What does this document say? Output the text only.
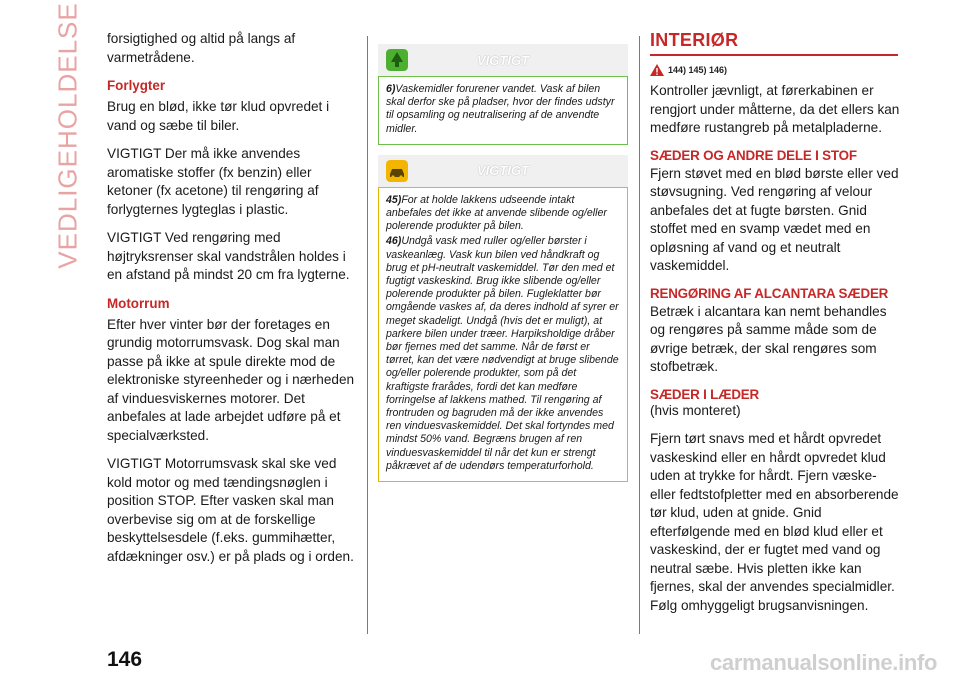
VEDLIGEHOLDELSE forsigtighed og altid på langs af varmetrådene.

Forlygter

Brug en blød, ikke tør klud opvredet i vand og sæbe til biler.

VIGTIGT Der må ikke anvendes aromatiske stoffer (fx benzin) eller ketoner (fx acetone) til rengøring af forlygternes lygteglas i plastic.

VIGTIGT Ved rengøring med højtryksrenser skal vandstrålen holdes i en afstand på mindst 20 cm fra lygterne.

Motorrum

Efter hver vinter bør der foretages en grundig motorrumsvask. Dog skal man passe på ikke at spule direkte mod de elektroniske styreenheder og i nærheden af vinduesviskernes motorer. Det anbefales at lade arbejdet udføre på et specialværksted.

VIGTIGT Motorrumsvask skal ske ved kold motor og med tændingsnøglen i position STOP. Efter vasken skal man overbevise sig om at de forskellige beskyttelsesdele (f.eks. gummihætter, afdækninger osv.) er på plads og i orden.

VIGTIGT

6)Vaskemidler forurener vandet. Vask af bilen skal derfor ske på pladser, hvor der findes udstyr til opsamling og neutralisering af de anvendte midler.

VIGTIGT

45)For at holde lakkens udseende intakt anbefales det ikke at anvende slibende og/eller polerende produkter på bilen.

46)Undgå vask med ruller og/eller børster i vaskeanlæg. Vask kun bilen ved håndkraft og brug et pH-neutralt vaskemiddel. Tør den med et fugtigt vaskeskind. Brug ikke slibende og/eller polerende produkter på bilen. Fugleklatter bør omgående vaskes af, da deres indhold af syrer er meget skadeligt. Undgå (hvis det er muligt), at parkere bilen under træer. Harpiksholdige dråber bør fjernes med det samme. Når de først er tørret, kan det være nødvendigt at bruge slibende og/eller polerende produkter, som på det kraftigste frarådes, fordi det kan medføre forringelse af lakkens mathed. Til rengøring af frontruden og bagruden må der ikke anvendes ren vinduesvaskemiddel. Det skal fortyndes med mindst 50% vand. Begræns brugen af ren vinduesvaskemiddel til når det kun er strengt påkrævet af de udendørs temperaturforhold.

INTERIØR
144) 145) 146)

Kontroller jævnligt, at førerkabinen er rengjort under måtterne, da det ellers kan medføre rustangreb på metalpladerne.

SÆDER OG ANDRE DELE I STOF

Fjern støvet med en blød børste eller ved støvsugning. Ved rengøring af velour anbefales det at fugte børsten. Gnid stoffet med en svamp vædet med en opløsning af vand og et neutralt vaskemiddel.

RENGØRING AF ALCANTARA SÆDER

Betræk i alcantara kan nemt behandles og rengøres på samme måde som de øvrige betræk, der skal rengøres som stofbetræk.

SÆDER I LÆDER

(hvis monteret)

Fjern tørt snavs med et hårdt opvredet vaskeskind eller en hårdt opvredet klud uden at trykke for hårdt. Fjern væske- eller fedtstofpletter med en absorberende tør klud, uden at gnide. Gnid efterfølgende med en blød klud eller et vaskeskind, der er fugtet med vand og neutral sæbe. Hvis pletten ikke kan fjernes, skal der anvendes specialmidler. Følg omhyggeligt brugsanvisningen.

146	carmanualsonline.info
